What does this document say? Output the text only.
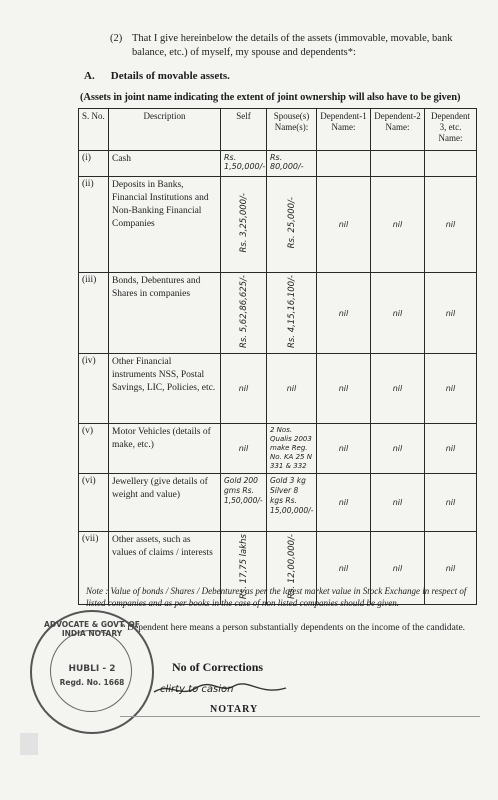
(2) That I give hereinbelow the details of the assets (immovable, movable, bank balance, etc.) of myself, my spouse and dependents*:
A. Details of movable assets.
(Assets in joint name indicating the extent of joint ownership will also have to be given)
S. No.	Description	Self	Spouse(s) Name(s):	Dependent-1 Name:	Dependent-2 Name:	Dependent 3, etc. Name:
(i)	Cash	Rs. 1,50,000/-	Rs. 80,000/-			
(ii)	Deposits in Banks, Financial Institutions and Non-Banking Financial Companies	Rs. 3,25,000/-	Rs. 25,000/-	nil	nil	nil
(iii)	Bonds, Debentures and Shares in companies	Rs. 5,62,86,625/-	Rs. 4,15,16,100/-	nil	nil	nil
(iv)	Other Financial instruments NSS, Postal Savings, LIC, Policies, etc.	nil	nil	nil	nil	nil
(v)	Motor Vehicles (details of make, etc.)	nil	2 Nos. Qualis 2003 make Reg. No. KA 25 N 331 & 332	nil	nil	nil
(vi)	Jewellery (give details of weight and value)	Gold 200 gms Rs. 1,50,000/-	Gold 3 kg Silver 8 kgs Rs. 15,00,000/-	nil	nil	nil
(vii)	Other assets, such as values of claims / interests	Rs. 17,75 lakhs	Rs. 12,00,000/-	nil	nil	nil
Note : Value of bonds / Shares / Debentures as per the latest market value in Stock Exchange in respect of listed companies and as per books in the case of non listed companies should be given.
* Dependent here means a person substantially dependents on the income of the candidate.
ADVOCATE & GOVT. OF INDIA NOTARY
HUBLI - 2
Regd. No. 1668
No of Corrections
clirty to casion
NOTARY
